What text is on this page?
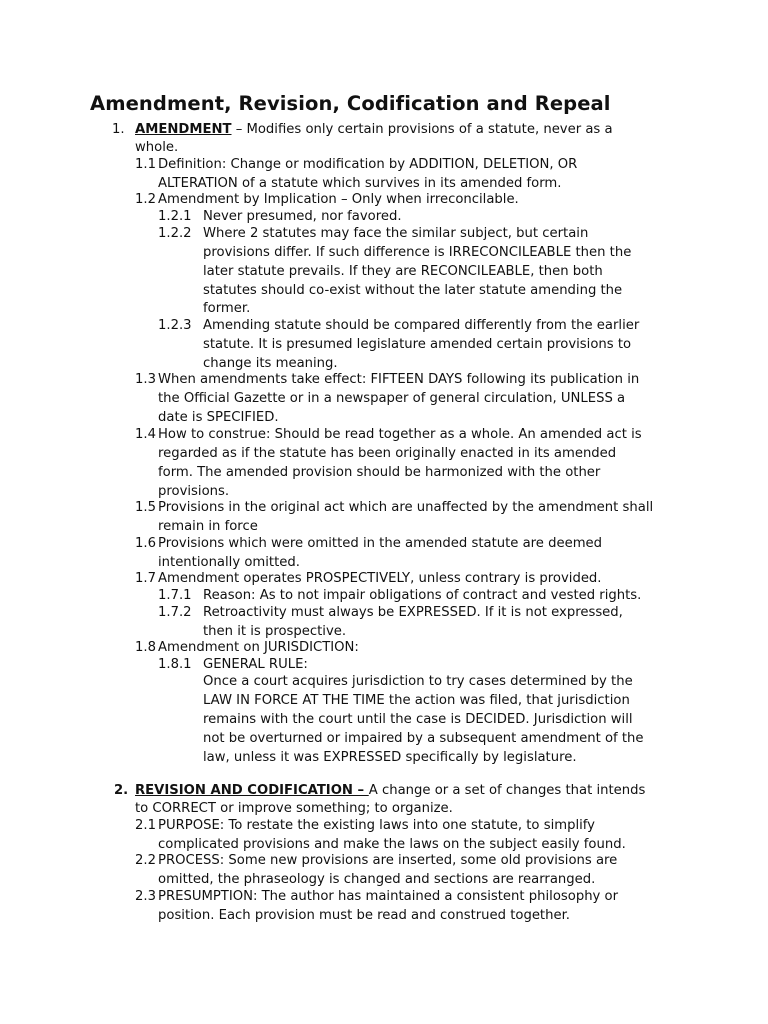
Amendment, Revision, Codification and Repeal
1. AMENDMENT – Modifies only certain provisions of a statute, never as a
whole.
1.1 Definition: Change or modification by ADDITION, DELETION, OR
ALTERATION of a statute which survives in its amended form.
1.2 Amendment by Implication – Only when irreconcilable.
1.2.1 Never presumed, nor favored.
1.2.2 Where 2 statutes may face the similar subject, but certain
provisions differ. If such difference is IRRECONCILEABLE then the
later statute prevails. If they are RECONCILEABLE, then both
statutes should co-exist without the later statute amending the
former.
1.2.3 Amending statute should be compared differently from the earlier
statute. It is presumed legislature amended certain provisions to
change its meaning.
1.3 When amendments take effect: FIFTEEN DAYS following its publication in
the Official Gazette or in a newspaper of general circulation, UNLESS a
date is SPECIFIED.
1.4 How to construe: Should be read together as a whole. An amended act is
regarded as if the statute has been originally enacted in its amended
form. The amended provision should be harmonized with the other
provisions.
1.5 Provisions in the original act which are unaffected by the amendment shall
remain in force
1.6 Provisions which were omitted in the amended statute are deemed
intentionally omitted.
1.7 Amendment operates PROSPECTIVELY, unless contrary is provided.
1.7.1 Reason: As to not impair obligations of contract and vested rights.
1.7.2 Retroactivity must always be EXPRESSED. If it is not expressed,
then it is prospective.
1.8 Amendment on JURISDICTION:
1.8.1 GENERAL RULE:
Once a court acquires jurisdiction to try cases determined by the
LAW IN FORCE AT THE TIME the action was filed, that jurisdiction
remains with the court until the case is DECIDED. Jurisdiction will
not be overturned or impaired by a subsequent amendment of the
law, unless it was EXPRESSED specifically by legislature.
2. REVISION AND CODIFICATION – A change or a set of changes that intends
to CORRECT or improve something; to organize.
2.1 PURPOSE: To restate the existing laws into one statute, to simplify
complicated provisions and make the laws on the subject easily found.
2.2 PROCESS: Some new provisions are inserted, some old provisions are
omitted, the phraseology is changed and sections are rearranged.
2.3 PRESUMPTION: The author has maintained a consistent philosophy or
position. Each provision must be read and construed together.
